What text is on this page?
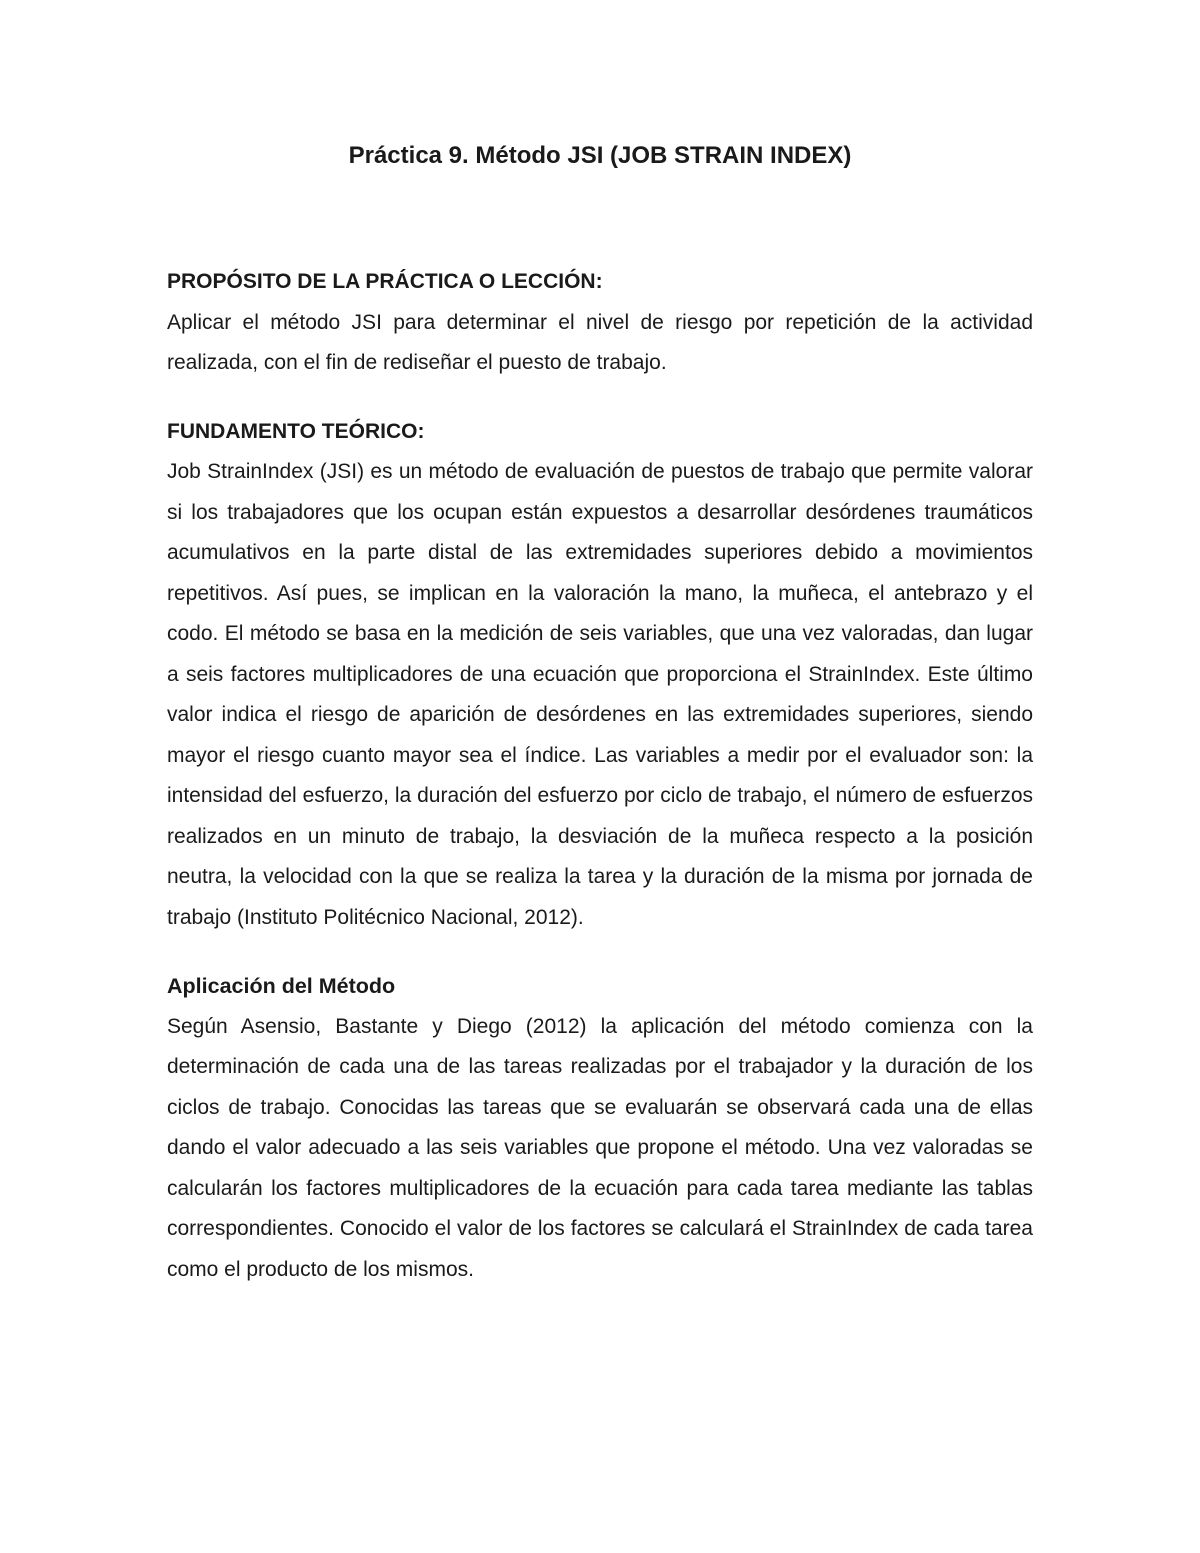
Práctica 9. Método JSI (JOB STRAIN INDEX)

PROPÓSITO DE LA PRÁCTICA O LECCIÓN:

Aplicar el método JSI para determinar el nivel de riesgo por repetición de la actividad realizada, con el fin de rediseñar el puesto de trabajo.

FUNDAMENTO TEÓRICO:

Job StrainIndex (JSI) es un método de evaluación de puestos de trabajo que permite valorar si los trabajadores que los ocupan están expuestos a desarrollar desórdenes traumáticos acumulativos en la parte distal de las extremidades superiores debido a movimientos repetitivos. Así pues, se implican en la valoración la mano, la muñeca, el antebrazo y el codo. El método se basa en la medición de seis variables, que una vez valoradas, dan lugar a seis factores multiplicadores de una ecuación que proporciona el StrainIndex. Este último valor indica el riesgo de aparición de desórdenes en las extremidades superiores, siendo mayor el riesgo cuanto mayor sea el índice. Las variables a medir por el evaluador son: la intensidad del esfuerzo, la duración del esfuerzo por ciclo de trabajo, el número de esfuerzos realizados en un minuto de trabajo, la desviación de la muñeca respecto a la posición neutra, la velocidad con la que se realiza la tarea y la duración de la misma por jornada de trabajo (Instituto Politécnico Nacional, 2012).

Aplicación del Método

Según Asensio, Bastante y Diego (2012) la aplicación del método comienza con la determinación de cada una de las tareas realizadas por el trabajador y la duración de los ciclos de trabajo. Conocidas las tareas que se evaluarán se observará cada una de ellas dando el valor adecuado a las seis variables que propone el método. Una vez valoradas se calcularán los factores multiplicadores de la ecuación para cada tarea mediante las tablas correspondientes. Conocido el valor de los factores se calculará el StrainIndex de cada tarea como el producto de los mismos.
